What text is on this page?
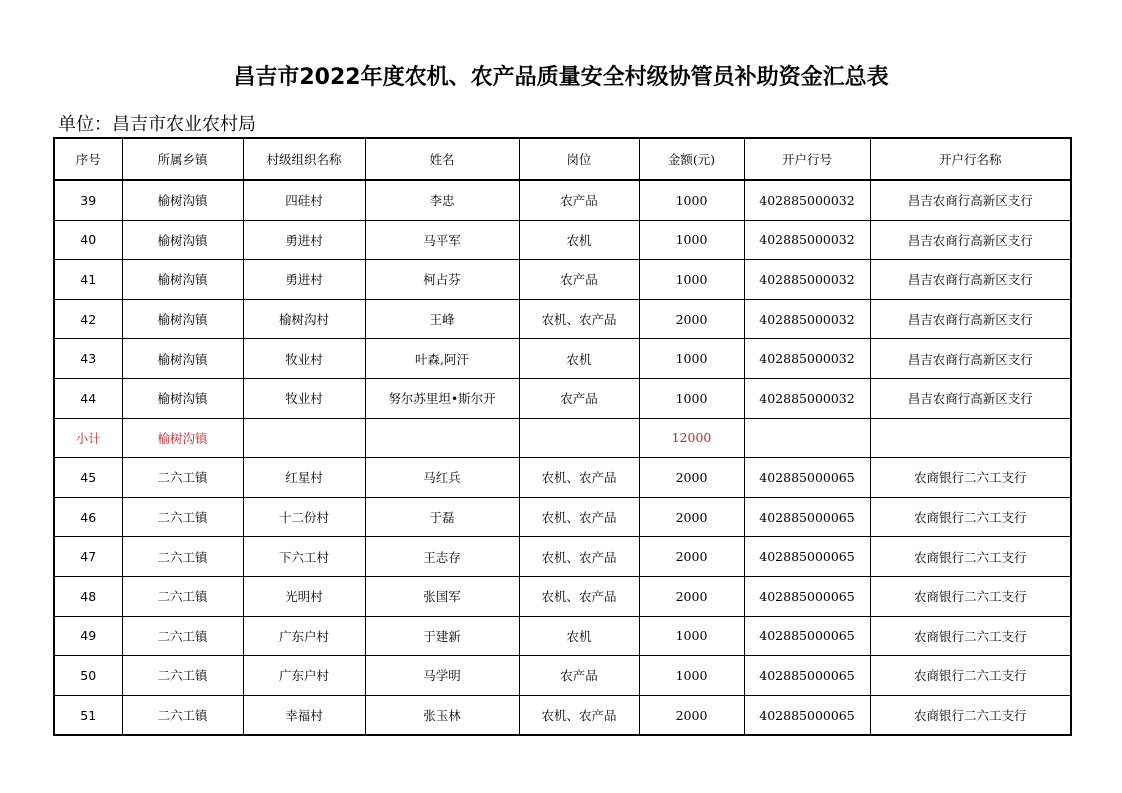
昌吉市2022年度农机、农产品质量安全村级协管员补助资金汇总表
单位：昌吉市农业农村局
序号	所属乡镇	村级组织名称	姓名	岗位	金额(元)	开户行号	开户行名称
39	榆树沟镇	四硅村	李忠	农产品	1000	402885000032	昌吉农商行高新区支行
40	榆树沟镇	勇进村	马平军	农机	1000	402885000032	昌吉农商行高新区支行
41	榆树沟镇	勇进村	柯占芬	农产品	1000	402885000032	昌吉农商行高新区支行
42	榆树沟镇	榆树沟村	王峰	农机、农产品	2000	402885000032	昌吉农商行高新区支行
43	榆树沟镇	牧业村	叶森,阿汗	农机	1000	402885000032	昌吉农商行高新区支行
44	榆树沟镇	牧业村	努尔苏里坦•斯尔开	农产品	1000	402885000032	昌吉农商行高新区支行
小计	榆树沟镇				12000		
45	二六工镇	红星村	马红兵	农机、农产品	2000	402885000065	农商银行二六工支行
46	二六工镇	十二份村	于磊	农机、农产品	2000	402885000065	农商银行二六工支行
47	二六工镇	下六工村	王志存	农机、农产品	2000	402885000065	农商银行二六工支行
48	二六工镇	光明村	张国军	农机、农产品	2000	402885000065	农商银行二六工支行
49	二六工镇	广东户村	于建新	农机	1000	402885000065	农商银行二六工支行
50	二六工镇	广东户村	马学明	农产品	1000	402885000065	农商银行二六工支行
51	二六工镇	幸福村	张玉林	农机、农产品	2000	402885000065	农商银行二六工支行
